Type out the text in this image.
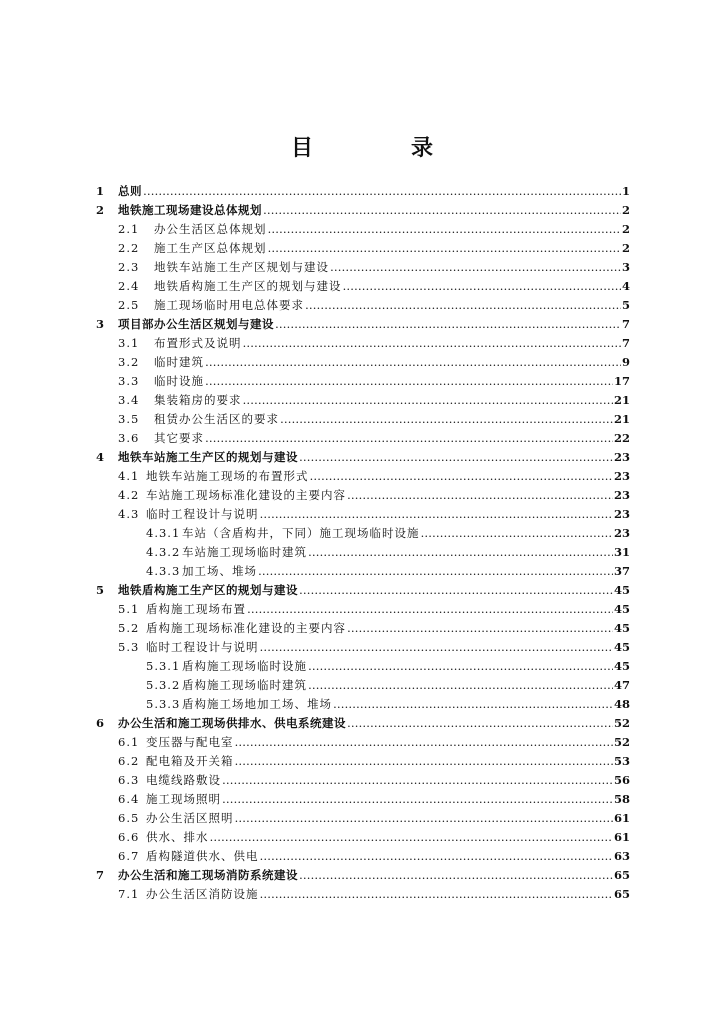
目　录
1	总则 ……………………………………………………………………………………………………………………………………………………………………………………………………………………………………………	1
2	地铁施工现场建设总体规划 ……………………………………………………………………………………………………………………………………………………………………………………………………………………………………………	2
2.1	办公生活区总体规划 ……………………………………………………………………………………………………………………………………………………………………………………………………………………………………………	2
2.2	施工生产区总体规划 ……………………………………………………………………………………………………………………………………………………………………………………………………………………………………………	2
2.3	地铁车站施工生产区规划与建设 ……………………………………………………………………………………………………………………………………………………………………………………………………………………………………………	3
2.4	地铁盾构施工生产区的规划与建设 ……………………………………………………………………………………………………………………………………………………………………………………………………………………………………………	4
2.5	施工现场临时用电总体要求 ……………………………………………………………………………………………………………………………………………………………………………………………………………………………………………	5
3	项目部办公生活区规划与建设 ……………………………………………………………………………………………………………………………………………………………………………………………………………………………………………	7
3.1	布置形式及说明 ……………………………………………………………………………………………………………………………………………………………………………………………………………………………………………	7
3.2	临时建筑 ……………………………………………………………………………………………………………………………………………………………………………………………………………………………………………	9
3.3	临时设施 ……………………………………………………………………………………………………………………………………………………………………………………………………………………………………………	17
3.4	集装箱房的要求 ……………………………………………………………………………………………………………………………………………………………………………………………………………………………………………	21
3.5	租赁办公生活区的要求 ……………………………………………………………………………………………………………………………………………………………………………………………………………………………………………	21
3.6	其它要求 ……………………………………………………………………………………………………………………………………………………………………………………………………………………………………………	22
4	地铁车站施工生产区的规划与建设 ……………………………………………………………………………………………………………………………………………………………………………………………………………………………………………	23
4.1 地铁车站施工现场的布置形式 ……………………………………………………………………………………………………………………………………………………………………………………………………………………………………………	23
4.2 车站施工现场标准化建设的主要内容 ……………………………………………………………………………………………………………………………………………………………………………………………………………………………………………	23
4.3 临时工程设计与说明 ……………………………………………………………………………………………………………………………………………………………………………………………………………………………………………	23
4.3.1 车站（含盾构井，下同）施工现场临时设施 ……………………………………………………………………………………………………………………………………………………………………………………………………………………………………………	23
4.3.2 车站施工现场临时建筑 ……………………………………………………………………………………………………………………………………………………………………………………………………………………………………………	31
4.3.3 加工场、堆场 ……………………………………………………………………………………………………………………………………………………………………………………………………………………………………………	37
5	地铁盾构施工生产区的规划与建设 ……………………………………………………………………………………………………………………………………………………………………………………………………………………………………………	45
5.1 盾构施工现场布置 ……………………………………………………………………………………………………………………………………………………………………………………………………………………………………………	45
5.2 盾构施工现场标准化建设的主要内容 ……………………………………………………………………………………………………………………………………………………………………………………………………………………………………………	45
5.3 临时工程设计与说明 ……………………………………………………………………………………………………………………………………………………………………………………………………………………………………………	45
5.3.1 盾构施工现场临时设施 ……………………………………………………………………………………………………………………………………………………………………………………………………………………………………………	45
5.3.2 盾构施工现场临时建筑 ……………………………………………………………………………………………………………………………………………………………………………………………………………………………………………	47
5.3.3 盾构施工场地加工场、堆场 ……………………………………………………………………………………………………………………………………………………………………………………………………………………………………………	48
6	办公生活和施工现场供排水、供电系统建设 ……………………………………………………………………………………………………………………………………………………………………………………………………………………………………………	52
6.1 变压器与配电室 ……………………………………………………………………………………………………………………………………………………………………………………………………………………………………………	52
6.2 配电箱及开关箱 ……………………………………………………………………………………………………………………………………………………………………………………………………………………………………………	53
6.3 电缆线路敷设 ……………………………………………………………………………………………………………………………………………………………………………………………………………………………………………	56
6.4 施工现场照明 ……………………………………………………………………………………………………………………………………………………………………………………………………………………………………………	58
6.5 办公生活区照明 ……………………………………………………………………………………………………………………………………………………………………………………………………………………………………………	61
6.6 供水、排水 ……………………………………………………………………………………………………………………………………………………………………………………………………………………………………………	61
6.7 盾构隧道供水、供电 ……………………………………………………………………………………………………………………………………………………………………………………………………………………………………………	63
7	办公生活和施工现场消防系统建设 ……………………………………………………………………………………………………………………………………………………………………………………………………………………………………………	65
7.1 办公生活区消防设施 ……………………………………………………………………………………………………………………………………………………………………………………………………………………………………………	65
